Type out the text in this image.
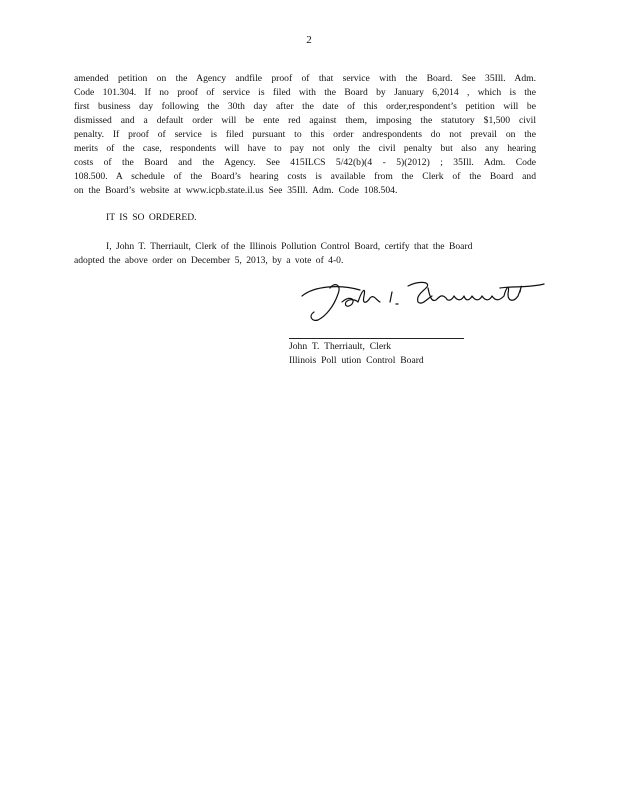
2

amended petition on the Agency andfile proof of that service with the Board. See 35Ill. Adm.

Code 101.304. If no proof of service is filed with the Board by January 6,2014 , which is the

first business day following the 30th day after the date of this order,respondent’s petition will be

dismissed and a default order will be ente red against them, imposing the statutory $1,500 civil

penalty. If proof of service is filed pursuant to this order andrespondents do not prevail on the

merits of the case, respondents will have to pay not only the civil penalty but also any hearing

costs of the Board and the Agency. See 415ILCS 5/42(b)(4 - 5)(2012) ; 35Ill. Adm. Code

108.500. A schedule of the Board’s hearing costs is available from the Clerk of the Board and

on the Board’s website at www.icpb.state.il.us See 35Ill. Adm. Code 108.504.

IT IS SO ORDERED.
I, John T. Therriault, Clerk of the Illinois Pollution Control Board, certify that the Board
adopted the above order on December 5, 2013, by a vote of 4-0.
John T. Therriault, Clerk
Illinois Poll ution Control Board
